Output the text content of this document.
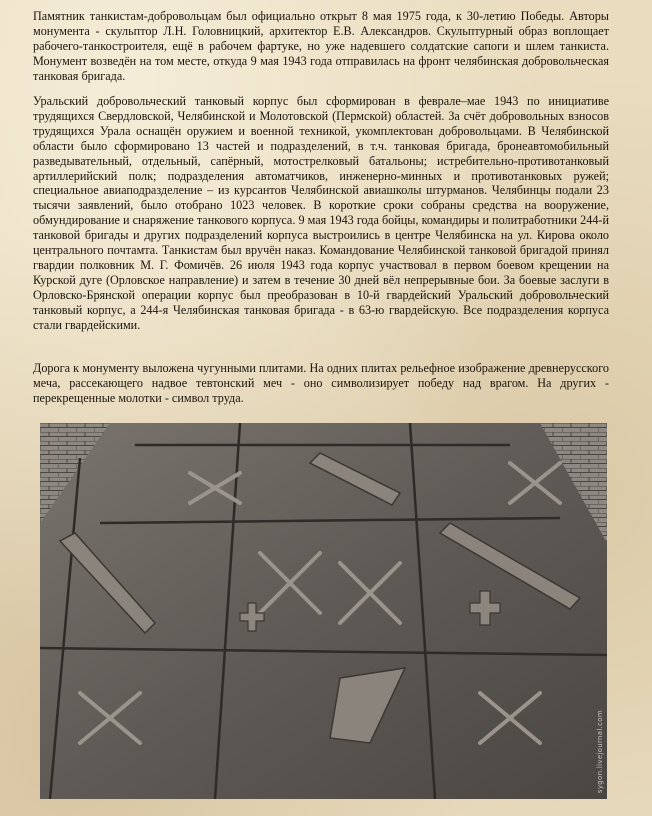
Памятник танкистам-добровольцам был официально открыт 8 мая 1975 года, к 30-летию Победы. Авторы монумента - скульптор Л.Н. Головницкий, архитектор Е.В. Александров. Скульптурный образ воплощает рабочего-танкостроителя, ещё в рабочем фартуке, но уже надевшего солдатские сапоги и шлем танкиста. Монумент возведён на том месте, откуда 9 мая 1943 года отправилась на фронт челябинская добровольческая танковая бригада.

Уральский добровольческий танковый корпус был сформирован в феврале–мае 1943 по инициативе трудящихся Свердловской, Челябинской и Молотовской (Пермской) областей. За счёт добровольных взносов трудящихся Урала оснащён оружием и военной техникой, укомплектован добровольцами. В Челябинской области было сформировано 13 частей и подразделений, в т.ч. танковая бригада, бронеавтомобильный разведывательный, отдельный, сапёрный, мотострелковый батальоны; истребительно-противотанковый артиллерийский полк; подразделения автоматчиков, инженерно-минных и противотанковых ружей; специальное авиаподразделение – из курсантов Челябинской авиашколы штурманов. Челябинцы подали 23 тысячи заявлений, было отобрано 1023 человек. В короткие сроки собраны средства на вооружение, обмундирование и снаряжение танкового корпуса. 9 мая 1943 года бойцы, командиры и политработники 244-й танковой бригады и других подразделений корпуса выстроились в центре Челябинска на ул. Кирова около центрального почтамта. Танкистам был вручён наказ. Командование Челябинской танковой бригадой принял гвардии полковник М. Г. Фомичёв. 26 июля 1943 года корпус участвовал в первом боевом крещении на Курской дуге (Орловское направление) и затем в течение 30 дней вёл непрерывные бои. За боевые заслуги в Орловско-Брянской операции корпус был преобразован в 10-й гвардейский Уральский добровольческий танковый корпус, а 244-я Челябинская танковая бригада - в 63-ю гвардейскую. Все подразделения корпуса стали гвардейскими.

Дорога к монументу выложена чугунными плитами. На одних плитах рельефное изображение древнерусского меча, рассекающего надвое тевтонский меч - оно символизирует победу над врагом. На других - перекрещенные молотки - символ труда.

sygon.livejournal.com
